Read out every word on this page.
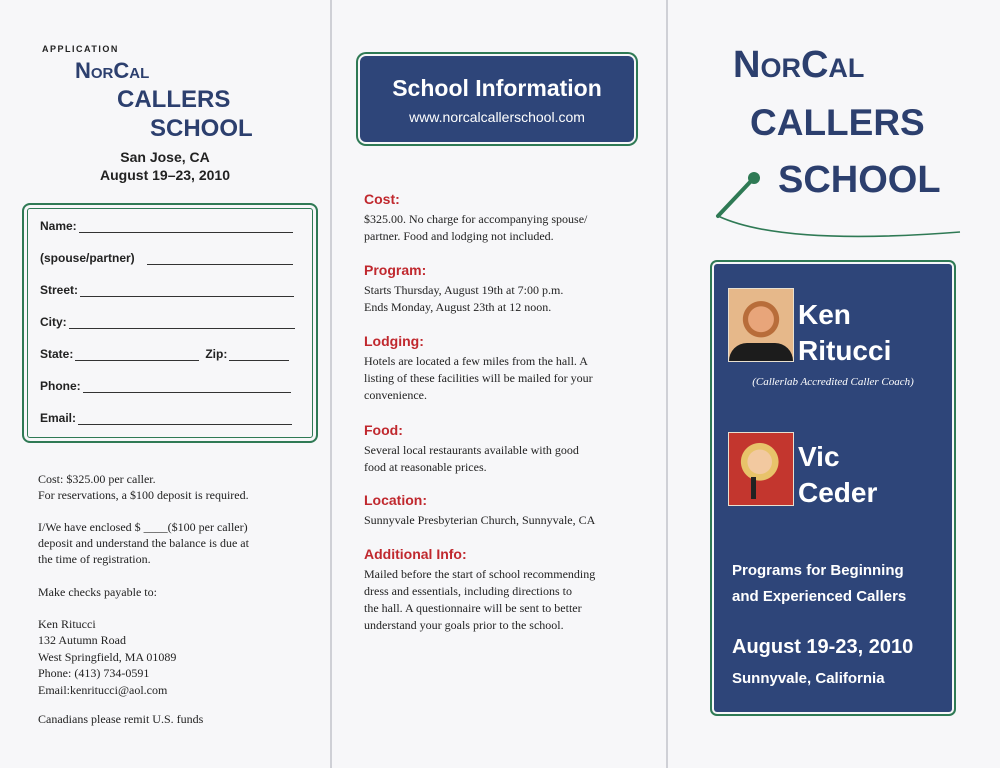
APPLICATION
NorCal
CALLERS
SCHOOL
San Jose, CA
August 19–23, 2010
Name:
(spouse/partner)
Street:
City:
State:	Zip:
Phone:
Email:
Cost: $325.00 per caller.
For reservations, a $100 deposit is required.
I/We have enclosed $ ____($100 per caller)
deposit and understand the balance is due at
the time of registration.
Make checks payable to:
Ken Ritucci
132 Autumn Road
West Springfield, MA 01089
Phone: (413) 734-0591
Email:kenritucci@aol.com
Canadians please remit U.S. funds
School Information
www.norcalcallerschool.com
Cost:
$325.00. No charge for accompanying spouse/
partner. Food and lodging not included.
Program:
Starts Thursday, August 19th at 7:00 p.m.
Ends Monday, August 23th at 12 noon.
Lodging:
Hotels are located a few miles from the hall. A
listing of these facilities will be mailed for your
convenience.
Food:
Several local restaurants available with good
food at reasonable prices.
Location:
Sunnyvale Presbyterian Church, Sunnyvale, CA
Additional Info:
Mailed before the start of school recommending
dress and essentials, including directions to
the hall. A questionnaire will be sent to better
understand your goals prior to the school.
NorCal
CALLERS
SCHOOL
Ken
Ritucci
(Callerlab Accredited Caller Coach)
Vic
Ceder
Programs for Beginning
and Experienced Callers
August 19-23, 2010
Sunnyvale, California
